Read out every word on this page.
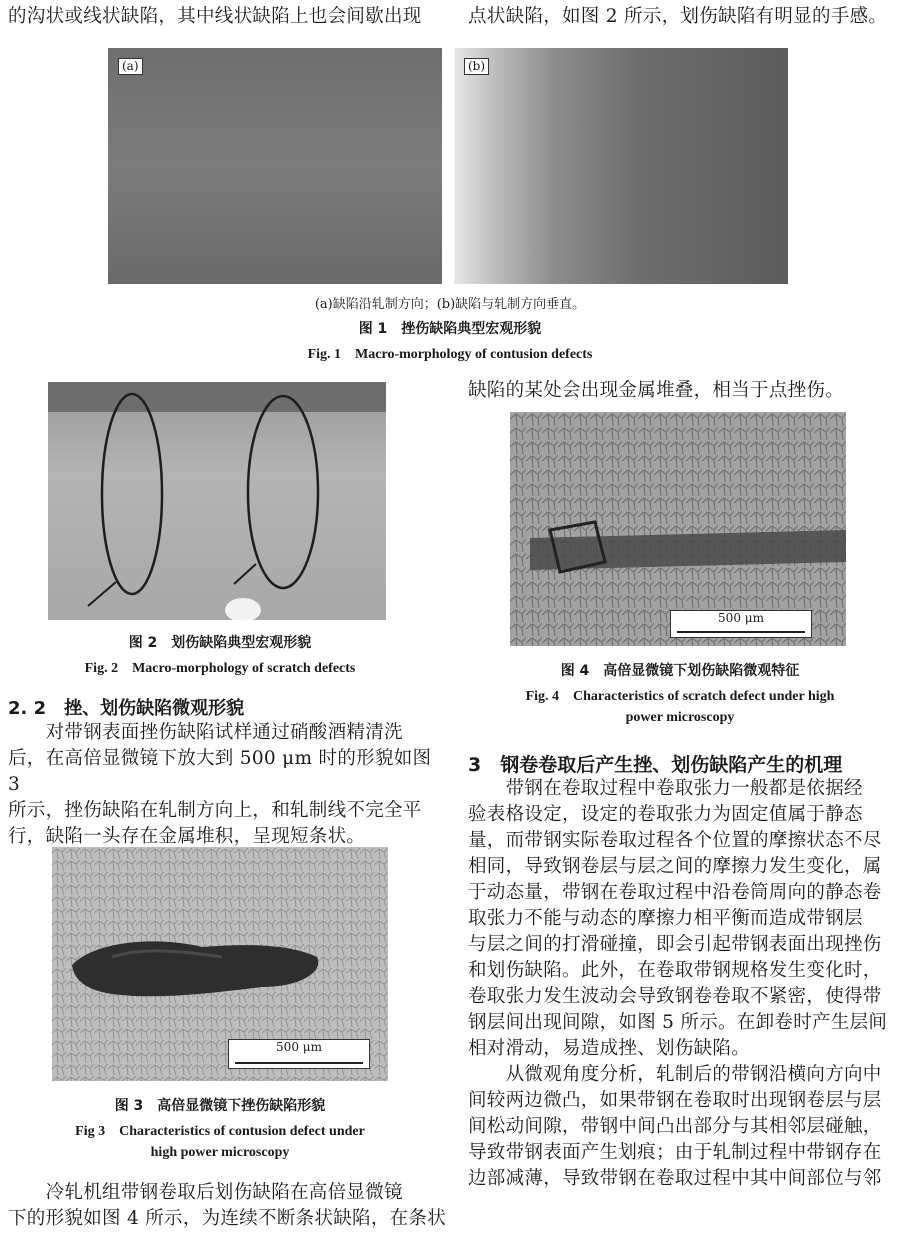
的沟状或线状缺陷，其中线状缺陷上也会间歇出现	点状缺陷，如图 2 所示，划伤缺陷有明显的手感。
(a)	(b)
(a)缺陷沿轧制方向；(b)缺陷与轧制方向垂直。
图 1　挫伤缺陷典型宏观形貌
Fig. 1　Macro-morphology of contusion defects
图 2　划伤缺陷典型宏观形貌
Fig. 2　Macro-morphology of scratch defects
2. 2　挫、划伤缺陷微观形貌
　　对带钢表面挫伤缺陷试样通过硝酸酒精清洗
后，在高倍显微镜下放大到 500 μm 时的形貌如图 3
所示，挫伤缺陷在轧制方向上，和轧制线不完全平
行，缺陷一头存在金属堆积，呈现短条状。
500 μm
图 3　高倍显微镜下挫伤缺陷形貌
Fig 3　Characteristics of contusion defect under
high power microscopy
　　冷轧机组带钢卷取后划伤缺陷在高倍显微镜
下的形貌如图 4 所示，为连续不断条状缺陷，在条状
缺陷的某处会出现金属堆叠，相当于点挫伤。
500 μm
图 4　高倍显微镜下划伤缺陷微观特征
Fig. 4　Characteristics of scratch defect under high
power microscopy
3　钢卷卷取后产生挫、划伤缺陷产生的机理
　　带钢在卷取过程中卷取张力一般都是依据经
验表格设定，设定的卷取张力为固定值属于静态
量，而带钢实际卷取过程各个位置的摩擦状态不尽
相同，导致钢卷层与层之间的摩擦力发生变化，属
于动态量，带钢在卷取过程中沿卷筒周向的静态卷
取张力不能与动态的摩擦力相平衡而造成带钢层
与层之间的打滑碰撞，即会引起带钢表面出现挫伤
和划伤缺陷。此外，在卷取带钢规格发生变化时，
卷取张力发生波动会导致钢卷卷取不紧密，使得带
钢层间出现间隙，如图 5 所示。在卸卷时产生层间
相对滑动，易造成挫、划伤缺陷。
　　从微观角度分析，轧制后的带钢沿横向方向中
间较两边微凸，如果带钢在卷取时出现钢卷层与层
间松动间隙，带钢中间凸出部分与其相邻层碰触，
导致带钢表面产生划痕；由于轧制过程中带钢存在
边部减薄，导致带钢在卷取过程中其中间部位与邻
